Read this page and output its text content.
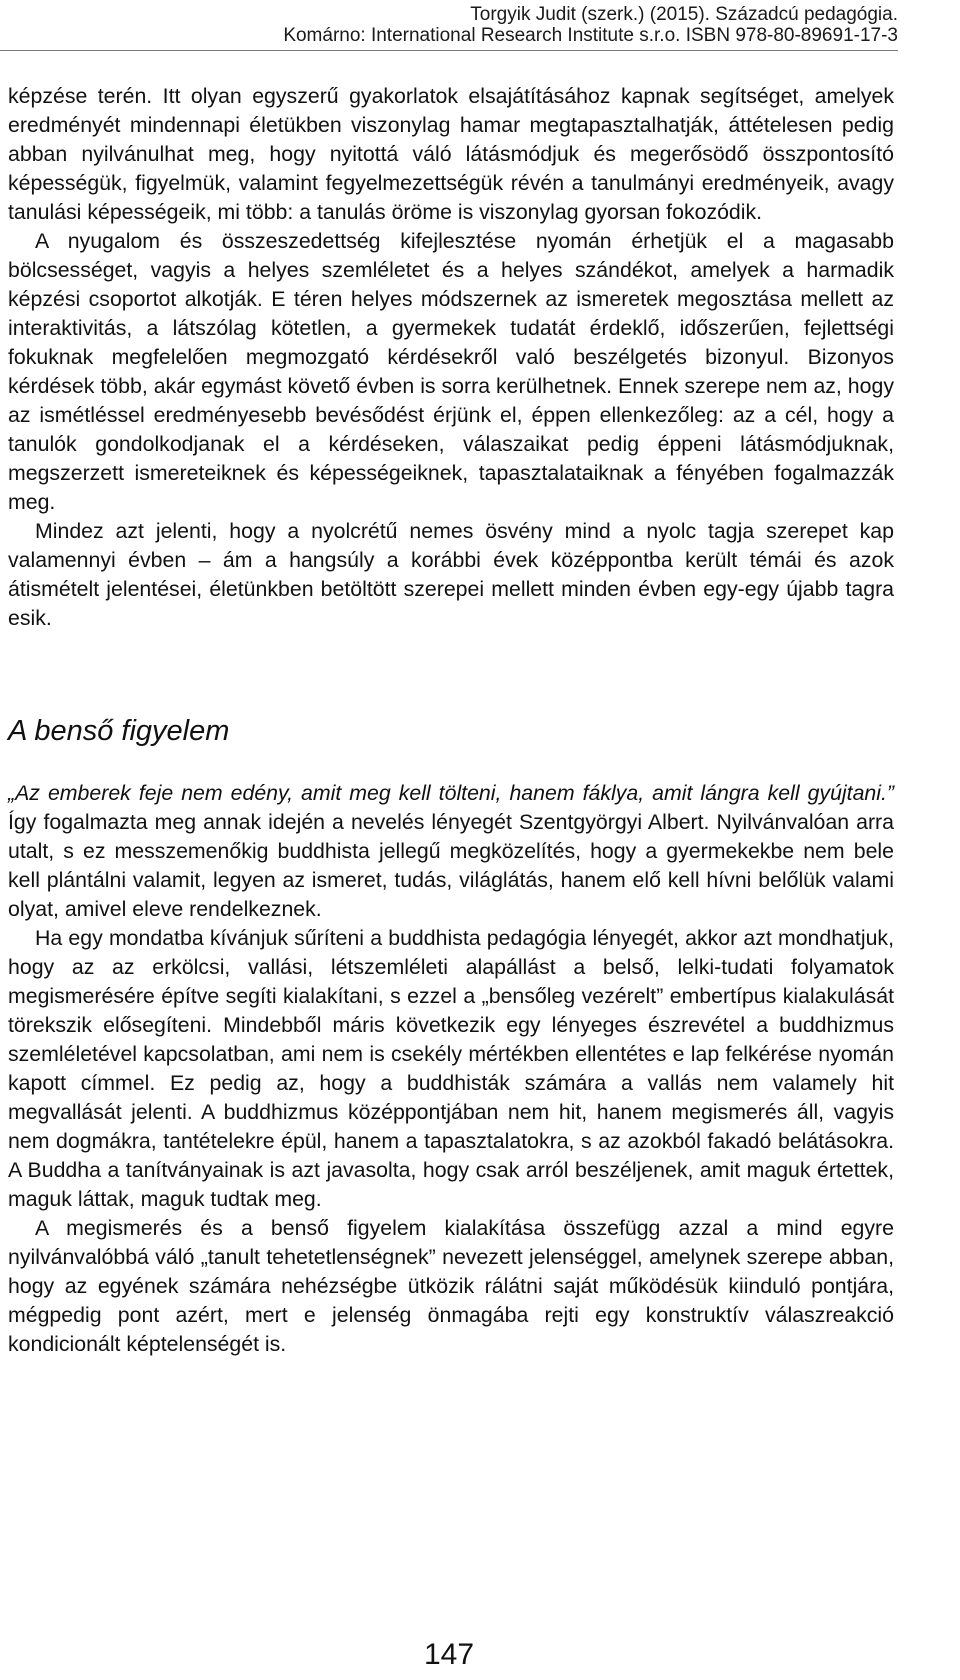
Torgyik Judit (szerk.) (2015). Századcú pedagógia.
Komárno: International Research Institute s.r.o. ISBN 978-80-89691-17-3

képzése terén. Itt olyan egyszerű gyakorlatok elsajátításához kapnak segítséget, amelyek eredményét mindennapi életükben viszonylag hamar megtapasztalhatják, áttételesen pedig abban nyilvánulhat meg, hogy nyitottá váló látásmódjuk és megerősödő összpontosító képességük, figyelmük, valamint fegyelmezettségük révén a tanulmányi eredményeik, avagy tanulási képességeik, mi több: a tanulás öröme is viszonylag gyorsan fokozódik.

A nyugalom és összeszedettség kifejlesztése nyomán érhetjük el a magasabb bölcsességet, vagyis a helyes szemléletet és a helyes szándékot, amelyek a harmadik képzési csoportot alkotják. E téren helyes módszernek az ismeretek megosztása mellett az interaktivitás, a látszólag kötetlen, a gyermekek tudatát érdeklő, időszerűen, fejlettségi fokuknak megfelelően megmozgató kérdésekről való beszélgetés bizonyul. Bizonyos kérdések több, akár egymást követő évben is sorra kerülhetnek. Ennek szerepe nem az, hogy az ismétléssel eredményesebb bevésődést érjünk el, éppen ellenkezőleg: az a cél, hogy a tanulók gondolkodjanak el a kérdéseken, válaszaikat pedig éppeni látásmódjuknak, megszerzett ismereteiknek és képességeiknek, tapasztalataiknak a fényében fogalmazzák meg.

Mindez azt jelenti, hogy a nyolcrétű nemes ösvény mind a nyolc tagja szerepet kap valamennyi évben – ám a hangsúly a korábbi évek középpontba került témái és azok átismételt jelentései, életünkben betöltött szerepei mellett minden évben egy-egy újabb tagra esik.

A benső figyelem

„Az emberek feje nem edény, amit meg kell tölteni, hanem fáklya, amit lángra kell gyújtani.” Így fogalmazta meg annak idején a nevelés lényegét Szentgyörgyi Albert. Nyilvánvalóan arra utalt, s ez messzemenőkig buddhista jellegű megközelítés, hogy a gyermekekbe nem bele kell plántálni valamit, legyen az ismeret, tudás, világlátás, hanem elő kell hívni belőlük valami olyat, amivel eleve rendelkeznek.

Ha egy mondatba kívánjuk sűríteni a buddhista pedagógia lényegét, akkor azt mondhatjuk, hogy az az erkölcsi, vallási, létszemléleti alapállást a belső, lelki-tudati folyamatok megismerésére építve segíti kialakítani, s ezzel a „bensőleg vezérelt” embertípus kialakulását törekszik elősegíteni. Mindebből máris következik egy lényeges észrevétel a buddhizmus szemléletével kapcsolatban, ami nem is csekély mértékben ellentétes e lap felkérése nyomán kapott címmel. Ez pedig az, hogy a buddhisták számára a vallás nem valamely hit megvallását jelenti. A buddhizmus középpontjában nem hit, hanem megismerés áll, vagyis nem dogmákra, tantételekre épül, hanem a tapasztalatokra, s az azokból fakadó belátásokra. A Buddha a tanítványainak is azt javasolta, hogy csak arról beszéljenek, amit maguk értettek, maguk láttak, maguk tudtak meg.

A megismerés és a benső figyelem kialakítása összefügg azzal a mind egyre nyilvánvalóbbá váló „tanult tehetetlenségnek” nevezett jelenséggel, amelynek szerepe abban, hogy az egyének számára nehézségbe ütközik rálátni saját működésük kiinduló pontjára, mégpedig pont azért, mert e jelenség önmagába rejti egy konstruktív válaszreakció kondicionált képtelenségét is.

147
